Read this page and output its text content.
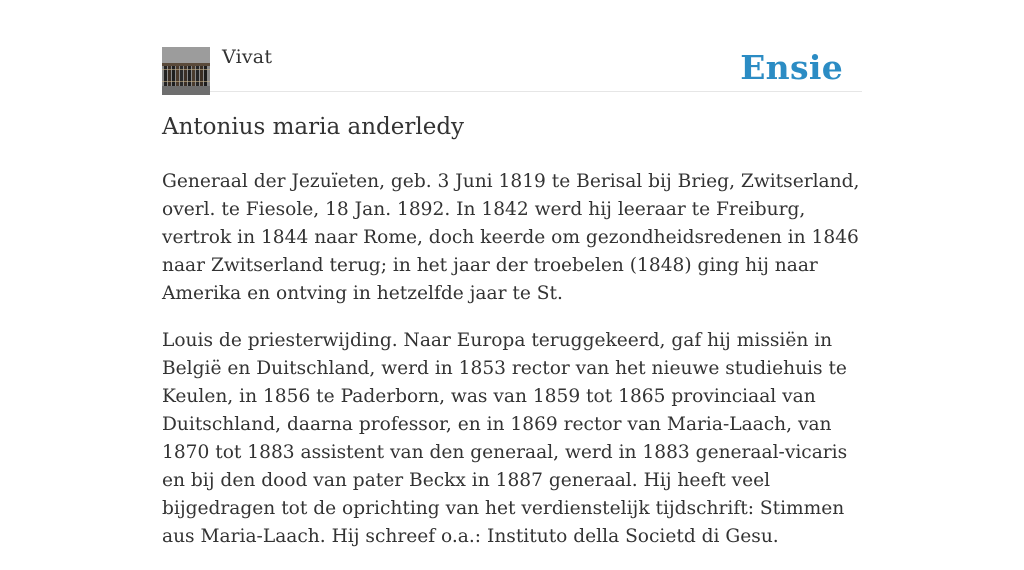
Vivat	Ensie
Antonius maria anderledy

Generaal der Jezuïeten, geb. 3 Juni 1819 te Berisal bij Brieg, Zwitserland, overl. te Fiesole, 18 Jan. 1892. In 1842 werd hij leeraar te Freiburg, vertrok in 1844 naar Rome, doch keerde om gezondheidsredenen in 1846 naar Zwitserland terug; in het jaar der troebelen (1848) ging hij naar Amerika en ontving in hetzelfde jaar te St.

Louis de priesterwijding. Naar Europa teruggekeerd, gaf hij missiën in België en Duitschland, werd in 1853 rector van het nieuwe studiehuis te Keulen, in 1856 te Paderborn, was van 1859 tot 1865 provinciaal van Duitschland, daarna professor, en in 1869 rector van Maria-Laach, van 1870 tot 1883 assistent van den generaal, werd in 1883 generaal-vicaris en bij den dood van pater Beckx in 1887 generaal. Hij heeft veel bijgedragen tot de oprichting van het verdienstelijk tijdschrift: Stimmen aus Maria-Laach. Hij schreef o.a.: Instituto della Societd di Gesu.
